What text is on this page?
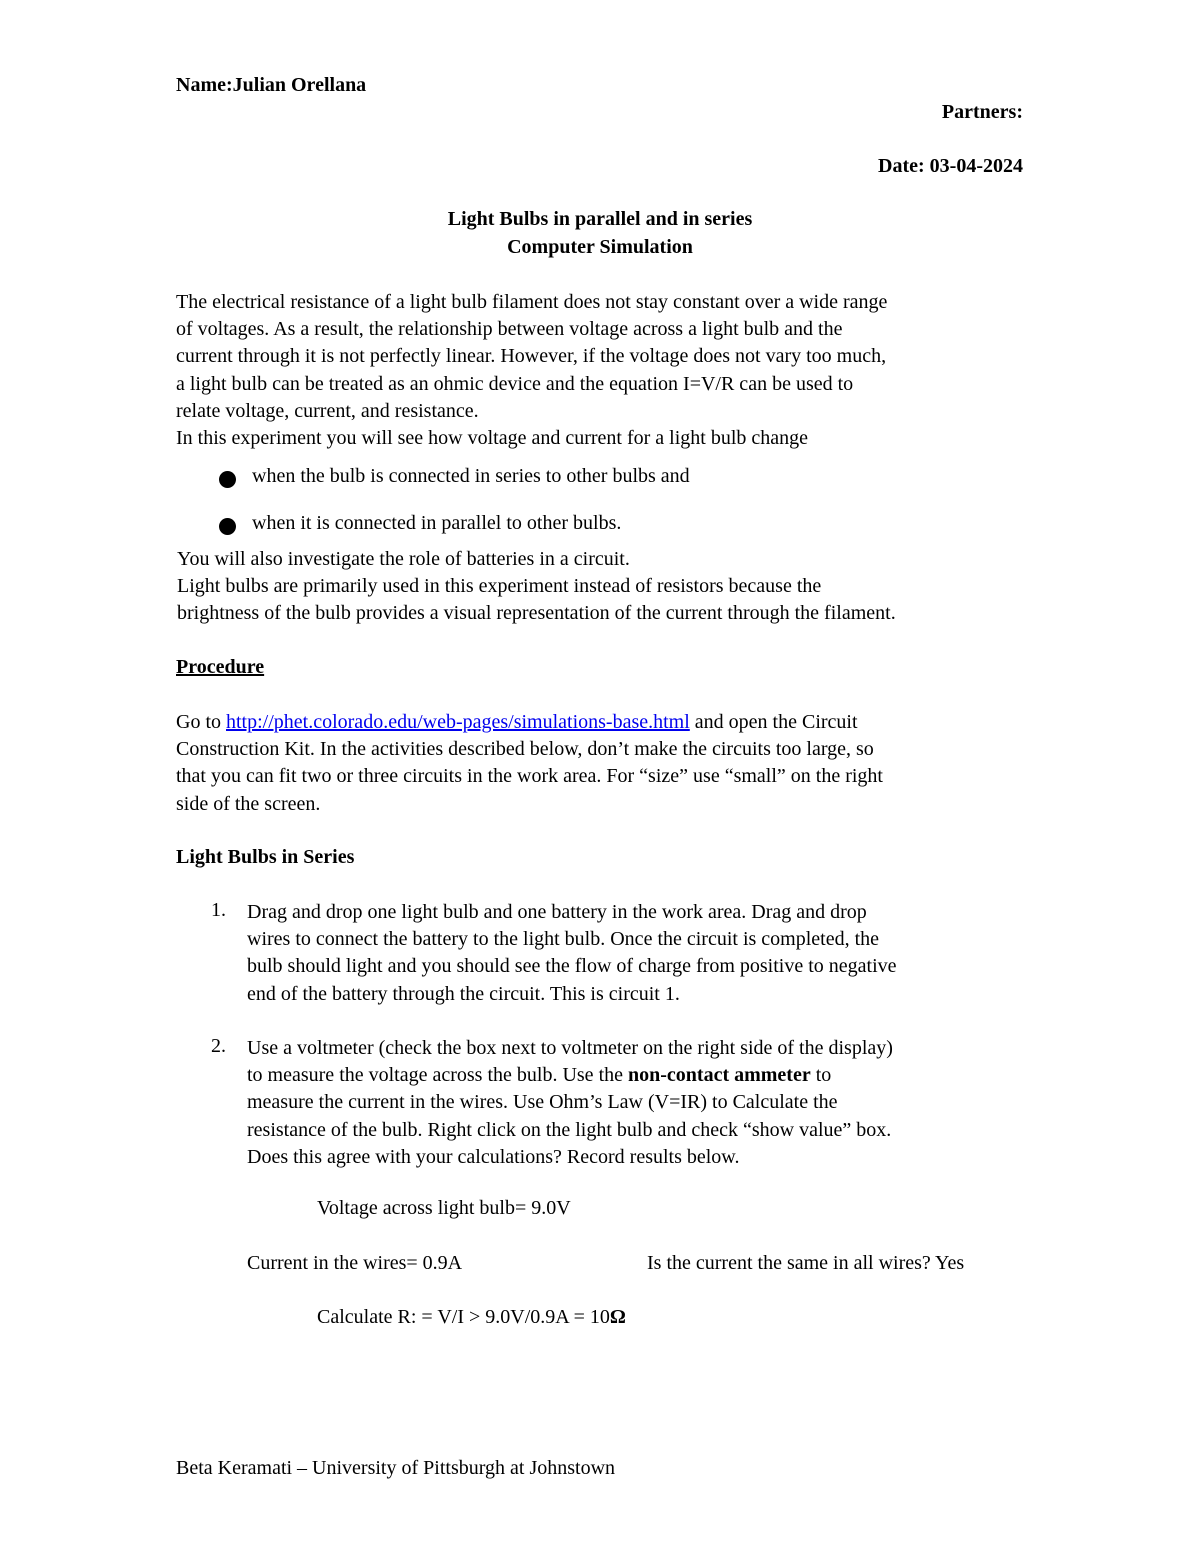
Name:Julian Orellana
Partners:
Date: 03-04-2024
Light Bulbs in parallel and in series
Computer Simulation

The electrical resistance of a light bulb filament does not stay constant over a wide range

of voltages. As a result, the relationship between voltage across a light bulb and the

current through it is not perfectly linear. However, if the voltage does not vary too much,

a light bulb can be treated as an ohmic device and the equation I=V/R can be used to

relate voltage, current, and resistance.

In this experiment you will see how voltage and current for a light bulb change

when the bulb is connected in series to other bulbs and
when it is connected in parallel to other bulbs.

You will also investigate the role of batteries in a circuit.

Light bulbs are primarily used in this experiment instead of resistors because the

brightness of the bulb provides a visual representation of the current through the filament.

Procedure

Go to http://phet.colorado.edu/web-pages/simulations-base.html and open the Circuit

Construction Kit. In the activities described below, don’t make the circuits too large, so

that you can fit two or three circuits in the work area. For “size” use “small” on the right

side of the screen.

Light Bulbs in Series
1. Drag and drop one light bulb and one battery in the work area. Drag and drop

wires to connect the battery to the light bulb. Once the circuit is completed, the

bulb should light and you should see the flow of charge from positive to negative

end of the battery through the circuit. This is circuit 1.

2. Use a voltmeter (check the box next to voltmeter on the right side of the display)

to measure the voltage across the bulb. Use the non-contact ammeter to

measure the current in the wires. Use Ohm’s Law (V=IR) to Calculate the

resistance of the bulb. Right click on the light bulb and check “show value” box.

Does this agree with your calculations? Record results below.

Voltage across light bulb= 9.0V
Current in the wires= 0.9A	Is the current the same in all wires? Yes
Calculate R: = V/I > 9.0V/0.9A = 10Ω
Beta Keramati – University of Pittsburgh at Johnstown
